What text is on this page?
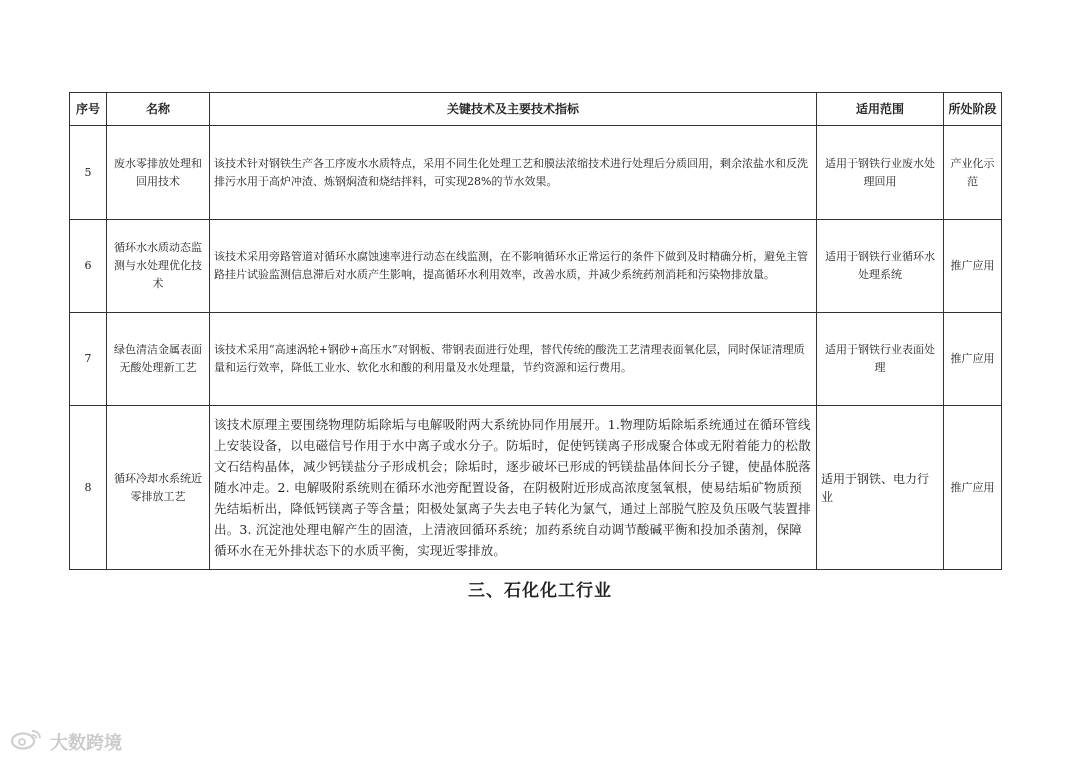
序号	名称	关键技术及主要技术指标	适用范围	所处阶段
5	废水零排放处理和回用技术	该技术针对钢铁生产各工序废水水质特点，采用不同生化处理工艺和膜法浓缩技术进行处理后分质回用，剩余浓盐水和反洗排污水用于高炉冲渣、炼钢焖渣和烧结拌料，可实现28%的节水效果。	适用于钢铁行业废水处理回用	产业化示范
6	循环水水质动态监测与水处理优化技术	该技术采用旁路管道对循环水腐蚀速率进行动态在线监测，在不影响循环水正常运行的条件下做到及时精确分析，避免主管路挂片试验监测信息滞后对水质产生影响，提高循环水利用效率，改善水质，并减少系统药剂消耗和污染物排放量。	适用于钢铁行业循环水处理系统	推广应用
7	绿色清洁金属表面无酸处理新工艺	该技术采用“高速涡轮+钢砂+高压水”对钢板、带钢表面进行处理，替代传统的酸洗工艺清理表面氧化层，同时保证清理质量和运行效率，降低工业水、软化水和酸的利用量及水处理量，节约资源和运行费用。	适用于钢铁行业表面处理	推广应用
8	循环冷却水系统近零排放工艺	该技术原理主要围绕物理防垢除垢与电解吸附两大系统协同作用展开。1.物理防垢除垢系统通过在循环管线上安装设备，以电磁信号作用于水中离子或水分子。防垢时，促使钙镁离子形成聚合体或无附着能力的松散文石结构晶体，减少钙镁盐分子形成机会；除垢时，逐步破坏已形成的钙镁盐晶体间长分子键，使晶体脱落随水冲走。2. 电解吸附系统则在循环水池旁配置设备，在阴极附近形成高浓度氢氧根，使易结垢矿物质预先结垢析出，降低钙镁离子等含量；阳极处氯离子失去电子转化为氯气，通过上部脱气腔及负压吸气装置排出。3. 沉淀池处理电解产生的固渣，上清液回循环系统；加药系统自动调节酸碱平衡和投加杀菌剂，保障循环水在无外排状态下的水质平衡，实现近零排放。	适用于钢铁、电力行业	推广应用
三、石化化工行业
大数跨境
